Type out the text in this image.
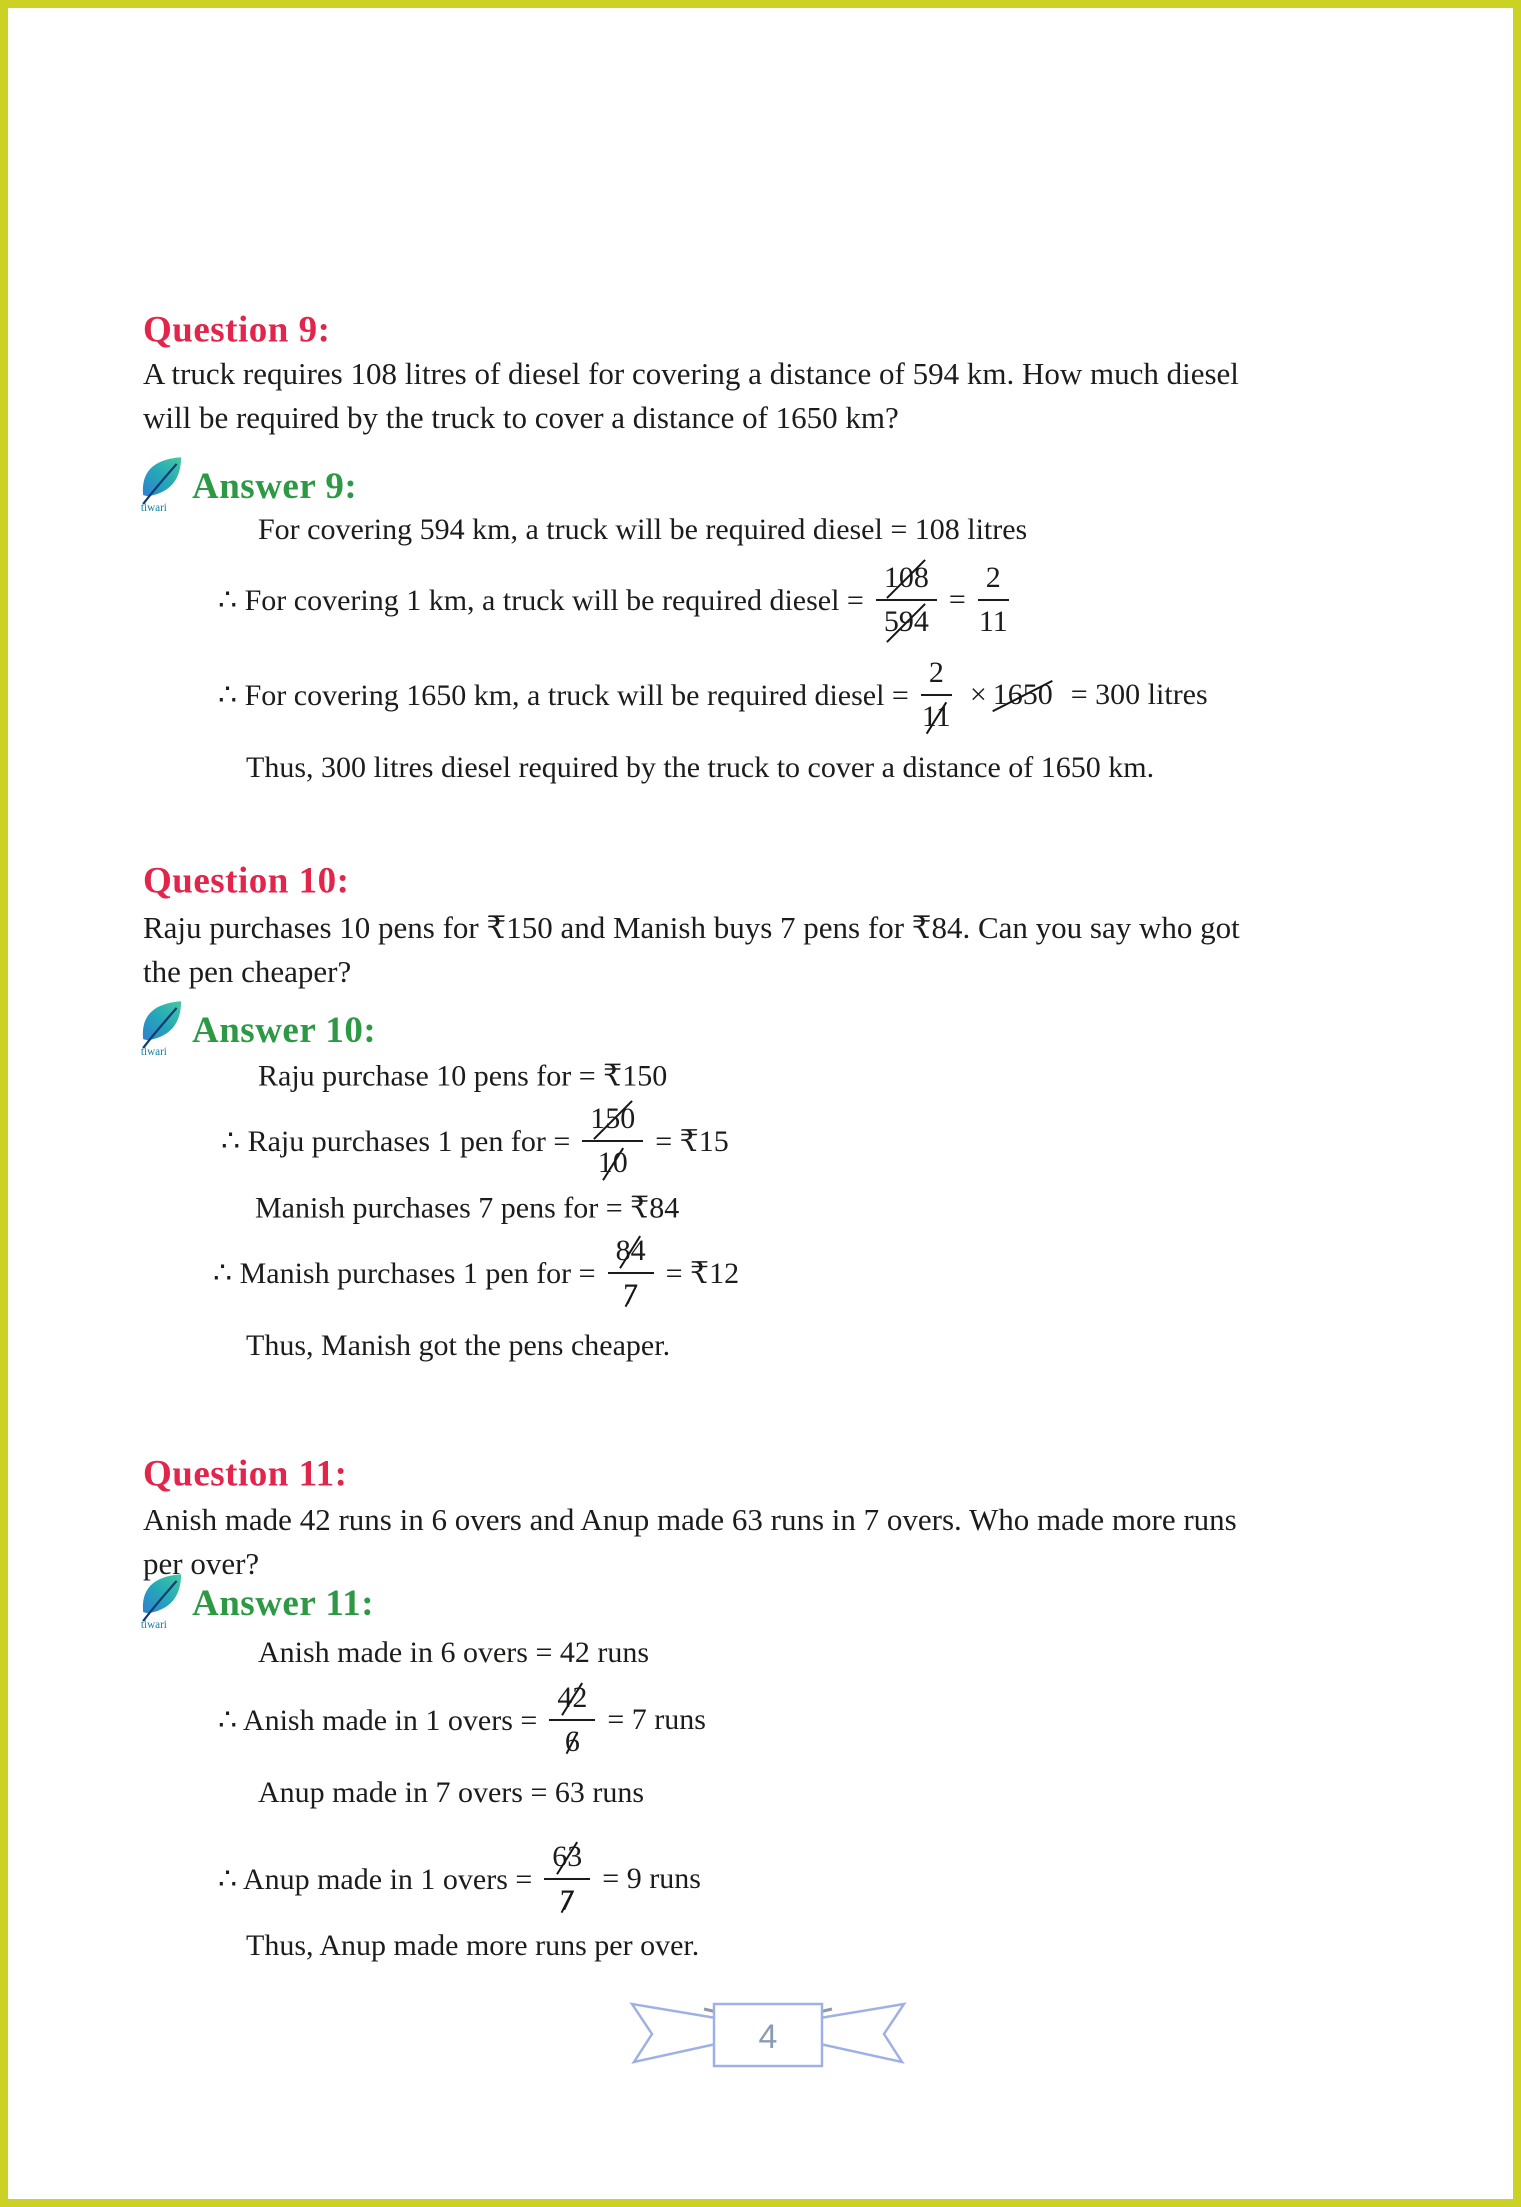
Question 9:
A truck requires 108 litres of diesel for covering a distance of 594 km. How much diesel
will be required by the truck to cover a distance of 1650 km?
tiwari
Answer 9:
For covering 594 km, a truck will be required diesel = 108 litres
∴ For covering 1 km, a truck will be required diesel = $\frac{108}{594} = \frac{2}{11}$
∴ For covering 1650 km, a truck will be required diesel = $\frac{2}{11} \times 1650 = 300$ litres
Thus, 300 litres diesel required by the truck to cover a distance of 1650 km.
Question 10:
Raju purchases 10 pens for ₹150 and Manish buys 7 pens for ₹84. Can you say who got
the pen cheaper?
tiwari
Answer 10:
Raju purchase 10 pens for = ₹150
∴ Raju purchases 1 pen for = $\frac{150}{10}$ = ₹15
Manish purchases 7 pens for = ₹84
∴ Manish purchases 1 pen for = $\frac{84}{7}$ = ₹12
Thus, Manish got the pens cheaper.
Question 11:
Anish made 42 runs in 6 overs and Anup made 63 runs in 7 overs. Who made more runs
per over?
tiwari
Answer 11:
Anish made in 6 overs = 42 runs
∴ Anish made in 1 overs = $\frac{42}{6} = 7$ runs
Anup made in 7 overs = 63 runs
∴ Anup made in 1 overs = $\frac{63}{7} = 9$ runs
Thus, Anup made more runs per over.
4
